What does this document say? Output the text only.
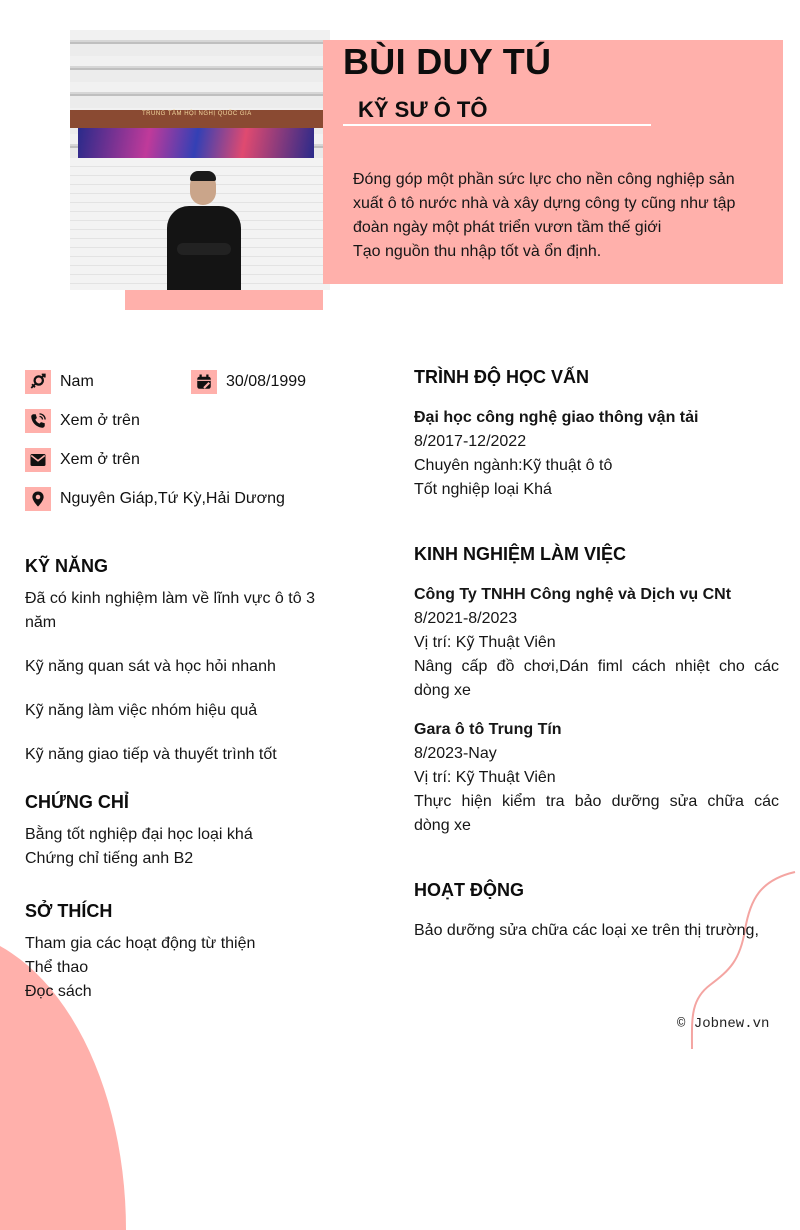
TRUNG TÂM HỘI NGHỊ QUỐC GIA
BÙI DUY TÚ
KỸ SƯ Ô TÔ
Đóng góp một phần sức lực cho nền công nghiệp sản
xuất ô tô nước nhà và xây dựng công ty cũng như tập
đoàn ngày một phát triển vươn tầm thế giới
Tạo nguồn thu nhập tốt và ổn định.
Nam	30/08/1999
Xem ở trên
Xem ở trên
Nguyên Giáp,Tứ Kỳ,Hải Dương
KỸ NĂNG
Đã có kinh nghiệm làm về lĩnh vực ô tô 3
năm
Kỹ năng quan sát và học hỏi nhanh
Kỹ năng làm việc nhóm hiệu quả
Kỹ năng giao tiếp và thuyết trình tốt
CHỨNG CHỈ
Bằng tốt nghiệp đại học loại khá
Chứng chỉ tiếng anh B2
SỞ THÍCH
Tham gia các hoạt động từ thiện
Thể thao
Đọc sách
TRÌNH ĐỘ HỌC VẤN
Đại học công nghệ giao thông vận tải
8/2017-12/2022
Chuyên ngành:Kỹ thuật ô tô
Tốt nghiệp loại Khá
KINH NGHIỆM LÀM VIỆC
Công Ty TNHH Công nghệ và Dịch vụ CNt
8/2021-8/2023
Vị trí: Kỹ Thuật Viên
Nâng cấp đồ chơi,Dán fiml cách nhiệt cho các
dòng xe
Gara ô tô Trung Tín
8/2023-Nay
Vị trí: Kỹ Thuật Viên
Thực hiện kiểm tra bảo dưỡng sửa chữa các
dòng xe
HOẠT ĐỘNG
Bảo dưỡng sửa chữa các loại xe trên thị trường,
© Jobnew.vn
